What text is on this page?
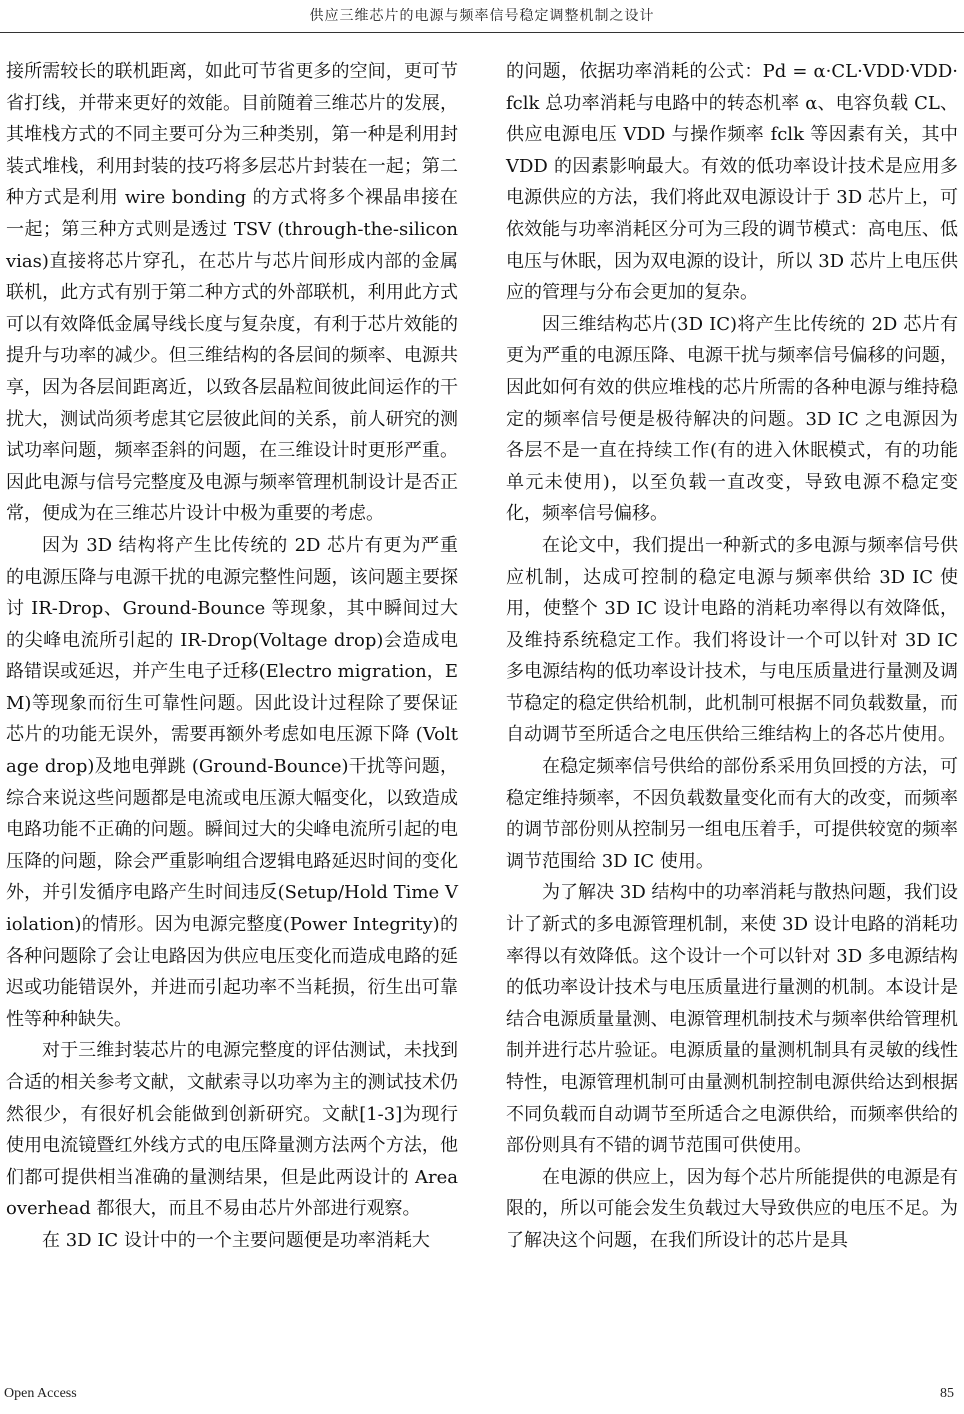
供应三维芯片的电源与频率信号稳定调整机制之设计

接所需较长的联机距离，如此可节省更多的空间，更可节省打线，并带来更好的效能。目前随着三维芯片的发展，其堆栈方式的不同主要可分为三种类别，第一种是利用封装式堆栈，利用封装的技巧将多层芯片封装在一起；第二种方式是利用 wire bonding 的方式将多个裸晶串接在一起；第三种方式则是透过 TSV (through-the-silicon vias)直接将芯片穿孔，在芯片与芯片间形成内部的金属联机，此方式有别于第二种方式的外部联机，利用此方式可以有效降低金属导线长度与复杂度，有利于芯片效能的提升与功率的减少。但三维结构的各层间的频率、电源共享，因为各层间距离近，以致各层晶粒间彼此间运作的干扰大，测试尚须考虑其它层彼此间的关系，前人研究的测试功率问题，频率歪斜的问题，在三维设计时更形严重。因此电源与信号完整度及电源与频率管理机制设计是否正常，便成为在三维芯片设计中极为重要的考虑。

因为 3D 结构将产生比传统的 2D 芯片有更为严重的电源压降与电源干扰的电源完整性问题，该问题主要探讨 IR-Drop、Ground-Bounce 等现象，其中瞬间过大的尖峰电流所引起的 IR-Drop(Voltage drop)会造成电路错误或延迟，并产生电子迁移(Electro migration，EM)等现象而衍生可靠性问题。因此设计过程除了要保证芯片的功能无误外，需要再额外考虑如电压源下降 (Voltage drop)及地电弹跳 (Ground-Bounce)干扰等问题，综合来说这些问题都是电流或电压源大幅变化，以致造成电路功能不正确的问题。瞬间过大的尖峰电流所引起的电压降的问题，除会严重影响组合逻辑电路延迟时间的变化外，并引发循序电路产生时间违反(Setup/Hold Time Violation)的情形。因为电源完整度(Power Integrity)的各种问题除了会让电路因为供应电压变化而造成电路的延迟或功能错误外，并进而引起功率不当耗损，衍生出可靠性等种种缺失。

对于三维封装芯片的电源完整度的评估测试，未找到合适的相关参考文献，文献索寻以功率为主的测试技术仍然很少，有很好机会能做到创新研究。文献[1-3]为现行使用电流镜暨红外线方式的电压降量测方法两个方法，他们都可提供相当准确的量测结果，但是此两设计的 Area overhead 都很大，而且不易由芯片外部进行观察。

在 3D IC 设计中的一个主要问题便是功率消耗大

的问题，依据功率消耗的公式：Pd = α·CL·VDD·VDD·fclk 总功率消耗与电路中的转态机率 α、电容负载 CL、供应电源电压 VDD 与操作频率 fclk 等因素有关，其中 VDD 的因素影响最大。有效的低功率设计技术是应用多电源供应的方法，我们将此双电源设计于 3D 芯片上，可依效能与功率消耗区分可为三段的调节模式：高电压、低电压与休眠，因为双电源的设计，所以 3D 芯片上电压供应的管理与分布会更加的复杂。

因三维结构芯片(3D IC)将产生比传统的 2D 芯片有更为严重的电源压降、电源干扰与频率信号偏移的问题，因此如何有效的供应堆栈的芯片所需的各种电源与维持稳定的频率信号便是极待解决的问题。3D IC 之电源因为各层不是一直在持续工作(有的进入休眠模式，有的功能单元未使用)，以至负载一直改变，导致电源不稳定变化，频率信号偏移。

在论文中，我们提出一种新式的多电源与频率信号供应机制，达成可控制的稳定电源与频率供给 3D IC 使用，使整个 3D IC 设计电路的消耗功率得以有效降低，及维持系统稳定工作。我们将设计一个可以针对 3D IC 多电源结构的低功率设计技术，与电压质量进行量测及调节稳定的稳定供给机制，此机制可根据不同负载数量，而自动调节至所适合之电压供给三维结构上的各芯片使用。

在稳定频率信号供给的部份系采用负回授的方法，可稳定维持频率，不因负载数量变化而有大的改变，而频率的调节部份则从控制另一组电压着手，可提供较宽的频率调节范围给 3D IC 使用。

为了解决 3D 结构中的功率消耗与散热问题，我们设计了新式的多电源管理机制，来使 3D 设计电路的消耗功率得以有效降低。这个设计一个可以针对 3D 多电源结构的低功率设计技术与电压质量进行量测的机制。本设计是结合电源质量量测、电源管理机制技术与频率供给管理机制并进行芯片验证。电源质量的量测机制具有灵敏的线性特性，电源管理机制可由量测机制控制电源供给达到根据不同负载而自动调节至所适合之电源供给，而频率供给的部份则具有不错的调节范围可供使用。

在电源的供应上，因为每个芯片所能提供的电源是有限的，所以可能会发生负载过大导致供应的电压不足。为了解决这个问题，在我们所设计的芯片是具

Open Access	85
